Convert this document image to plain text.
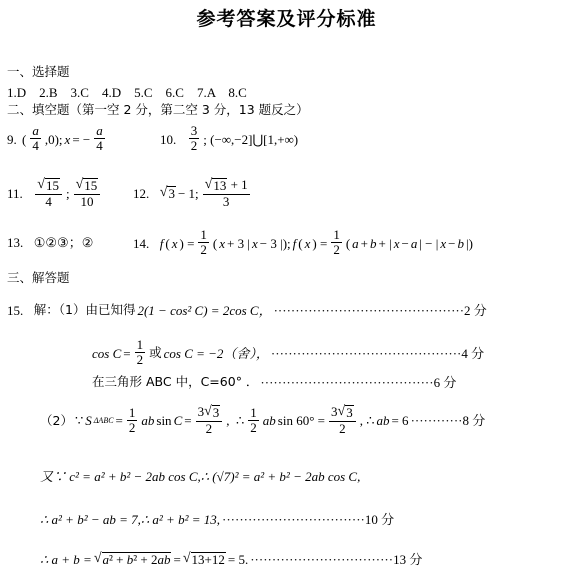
参考答案及评分标准
一、选择题
1.D    2.B    3.C    4.D    5.C    6.C    7.A    8.C
二、填空题（第一空 2 分，第二空 3 分，13 题反之）
9. ( $\frac{a}{4} ,0$); x = − $\frac{a}{4}$	10.
$\frac{3}{2}$ ; (−∞,−2]⋃[1,+∞)
11.
$\frac{√ 15}{4}$ ; $\frac{√ 15}{10}$	12.
√ 3 − 1; $\frac{√ 13 + 1}{3}$
13.
①②③；②	14.
f ( x ) = $\frac{1}{2}$ ( x + 3 | x − 3 |); f ( x ) = $\frac{1}{2}$ ( a + b + | x − a | − | x − b |)
三、解答题
15.
解：（1）由已知得 2(1 − cos² C) = 2cos C， ············································2 分
$\cos C = \frac{1}{2}$ 或 cos C = −2（舍）， ············································4 分
在三角形 ABC 中，C=60° ． ········································6 分
（2） ∵ S $\Delta ABC = \frac{1}{2}$ ab $\sin C = \frac{3 √ 3}{2}$ ,  ∴ $\frac{1}{2}$ ab $\sin 60^\circ = \frac{3 √ 3}{2}$ , ∴ ab = 6 ············8 分
又∵ c² = a² + b² − 2ab cos C,∴ (√7)² = a² + b² − 2ab cos C,
∴ a² + b² − ab = 7,∴ a² + b² = 13, ·································10 分
∴ a + b = √ a² + b² + 2ab = √ 13+12 = 5. ·································13 分
